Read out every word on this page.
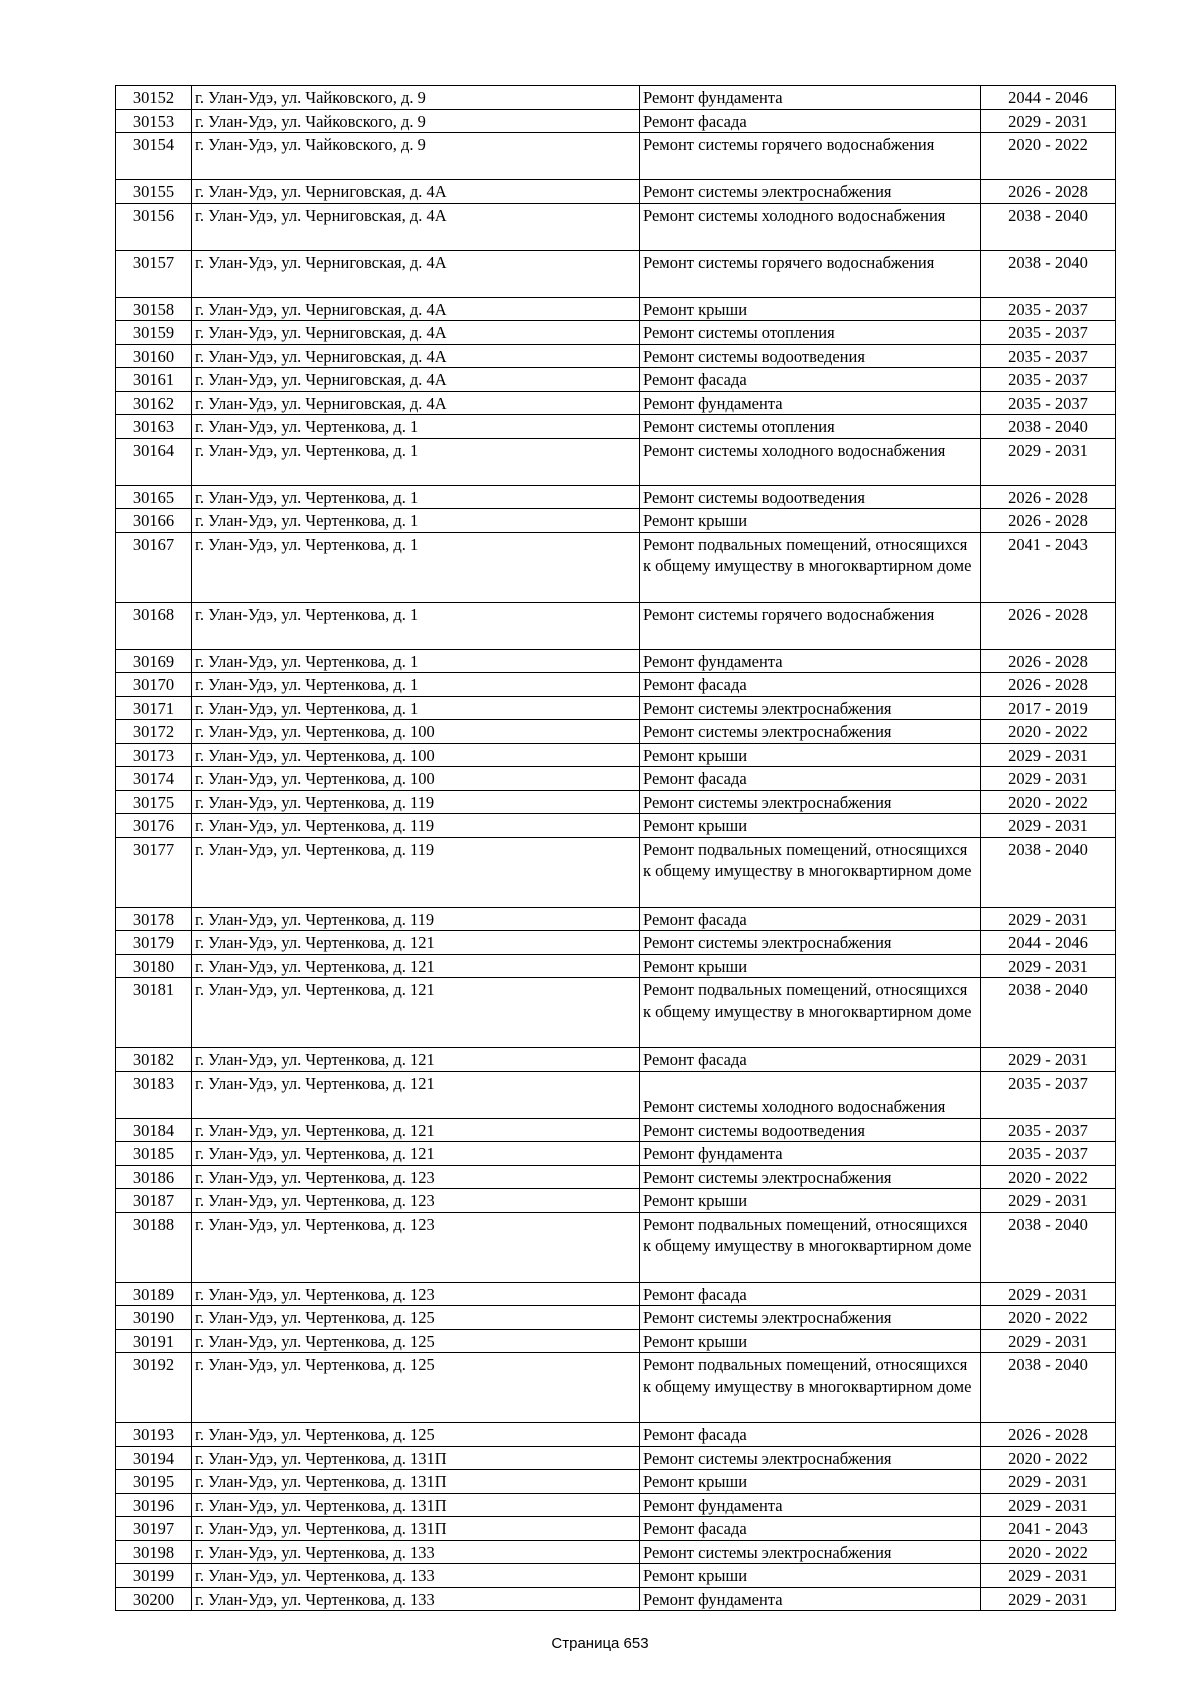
30152	г. Улан-Удэ, ул. Чайковского, д. 9	Ремонт фундамента	2044 - 2046
30153	г. Улан-Удэ, ул. Чайковского, д. 9	Ремонт фасада	2029 - 2031
30154	г. Улан-Удэ, ул. Чайковского, д. 9	Ремонт системы горячего водоснабжения	2020 - 2022
30155	г. Улан-Удэ, ул. Черниговская, д. 4А	Ремонт системы электроснабжения	2026 - 2028
30156	г. Улан-Удэ, ул. Черниговская, д. 4А	Ремонт системы холодного водоснабжения	2038 - 2040
30157	г. Улан-Удэ, ул. Черниговская, д. 4А	Ремонт системы горячего водоснабжения	2038 - 2040
30158	г. Улан-Удэ, ул. Черниговская, д. 4А	Ремонт крыши	2035 - 2037
30159	г. Улан-Удэ, ул. Черниговская, д. 4А	Ремонт системы отопления	2035 - 2037
30160	г. Улан-Удэ, ул. Черниговская, д. 4А	Ремонт системы водоотведения	2035 - 2037
30161	г. Улан-Удэ, ул. Черниговская, д. 4А	Ремонт фасада	2035 - 2037
30162	г. Улан-Удэ, ул. Черниговская, д. 4А	Ремонт фундамента	2035 - 2037
30163	г. Улан-Удэ, ул. Чертенкова, д. 1	Ремонт системы отопления	2038 - 2040
30164	г. Улан-Удэ, ул. Чертенкова, д. 1	Ремонт системы холодного водоснабжения	2029 - 2031
30165	г. Улан-Удэ, ул. Чертенкова, д. 1	Ремонт системы водоотведения	2026 - 2028
30166	г. Улан-Удэ, ул. Чертенкова, д. 1	Ремонт крыши	2026 - 2028
30167	г. Улан-Удэ, ул. Чертенкова, д. 1	Ремонт подвальных помещений, относящихся к общему имуществу в многоквартирном доме	2041 - 2043
30168	г. Улан-Удэ, ул. Чертенкова, д. 1	Ремонт системы горячего водоснабжения	2026 - 2028
30169	г. Улан-Удэ, ул. Чертенкова, д. 1	Ремонт фундамента	2026 - 2028
30170	г. Улан-Удэ, ул. Чертенкова, д. 1	Ремонт фасада	2026 - 2028
30171	г. Улан-Удэ, ул. Чертенкова, д. 1	Ремонт системы электроснабжения	2017 - 2019
30172	г. Улан-Удэ, ул. Чертенкова, д. 100	Ремонт системы электроснабжения	2020 - 2022
30173	г. Улан-Удэ, ул. Чертенкова, д. 100	Ремонт крыши	2029 - 2031
30174	г. Улан-Удэ, ул. Чертенкова, д. 100	Ремонт фасада	2029 - 2031
30175	г. Улан-Удэ, ул. Чертенкова, д. 119	Ремонт системы электроснабжения	2020 - 2022
30176	г. Улан-Удэ, ул. Чертенкова, д. 119	Ремонт крыши	2029 - 2031
30177	г. Улан-Удэ, ул. Чертенкова, д. 119	Ремонт подвальных помещений, относящихся к общему имуществу в многоквартирном доме	2038 - 2040
30178	г. Улан-Удэ, ул. Чертенкова, д. 119	Ремонт фасада	2029 - 2031
30179	г. Улан-Удэ, ул. Чертенкова, д. 121	Ремонт системы электроснабжения	2044 - 2046
30180	г. Улан-Удэ, ул. Чертенкова, д. 121	Ремонт крыши	2029 - 2031
30181	г. Улан-Удэ, ул. Чертенкова, д. 121	Ремонт подвальных помещений, относящихся к общему имуществу в многоквартирном доме	2038 - 2040
30182	г. Улан-Удэ, ул. Чертенкова, д. 121	Ремонт фасада	2029 - 2031
30183	г. Улан-Удэ, ул. Чертенкова, д. 121	Ремонт системы холодного водоснабжения	2035 - 2037
30184	г. Улан-Удэ, ул. Чертенкова, д. 121	Ремонт системы водоотведения	2035 - 2037
30185	г. Улан-Удэ, ул. Чертенкова, д. 121	Ремонт фундамента	2035 - 2037
30186	г. Улан-Удэ, ул. Чертенкова, д. 123	Ремонт системы электроснабжения	2020 - 2022
30187	г. Улан-Удэ, ул. Чертенкова, д. 123	Ремонт крыши	2029 - 2031
30188	г. Улан-Удэ, ул. Чертенкова, д. 123	Ремонт подвальных помещений, относящихся к общему имуществу в многоквартирном доме	2038 - 2040
30189	г. Улан-Удэ, ул. Чертенкова, д. 123	Ремонт фасада	2029 - 2031
30190	г. Улан-Удэ, ул. Чертенкова, д. 125	Ремонт системы электроснабжения	2020 - 2022
30191	г. Улан-Удэ, ул. Чертенкова, д. 125	Ремонт крыши	2029 - 2031
30192	г. Улан-Удэ, ул. Чертенкова, д. 125	Ремонт подвальных помещений, относящихся к общему имуществу в многоквартирном доме	2038 - 2040
30193	г. Улан-Удэ, ул. Чертенкова, д. 125	Ремонт фасада	2026 - 2028
30194	г. Улан-Удэ, ул. Чертенкова, д. 131П	Ремонт системы электроснабжения	2020 - 2022
30195	г. Улан-Удэ, ул. Чертенкова, д. 131П	Ремонт крыши	2029 - 2031
30196	г. Улан-Удэ, ул. Чертенкова, д. 131П	Ремонт фундамента	2029 - 2031
30197	г. Улан-Удэ, ул. Чертенкова, д. 131П	Ремонт фасада	2041 - 2043
30198	г. Улан-Удэ, ул. Чертенкова, д. 133	Ремонт системы электроснабжения	2020 - 2022
30199	г. Улан-Удэ, ул. Чертенкова, д. 133	Ремонт крыши	2029 - 2031
30200	г. Улан-Удэ, ул. Чертенкова, д. 133	Ремонт фундамента	2029 - 2031
Страница 653
